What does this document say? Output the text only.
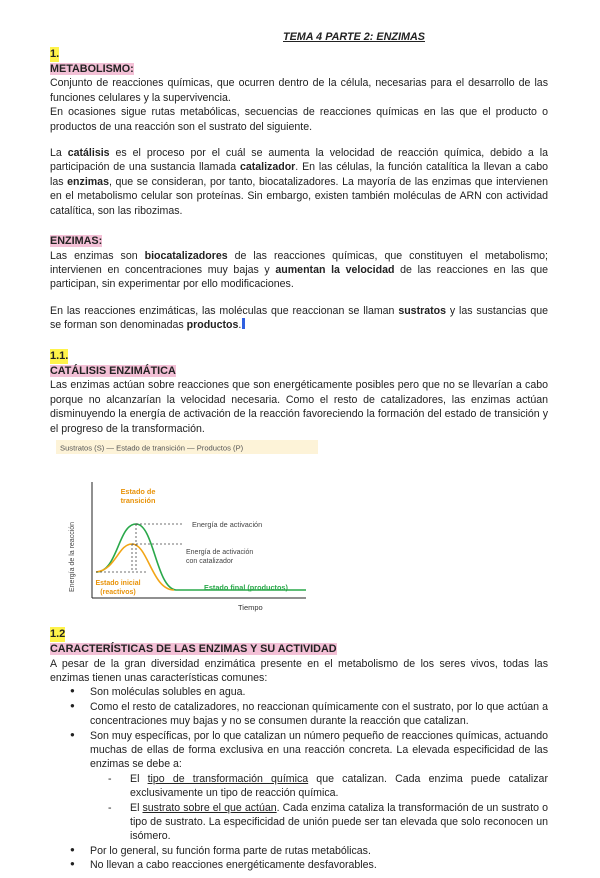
TEMA 4 PARTE 2: ENZIMAS
1.
METABOLISMO:

Conjunto de reacciones químicas, que ocurren dentro de la célula, necesarias para el desarrollo de las funciones celulares y la supervivencia.

En ocasiones sigue rutas metabólicas, secuencias de reacciones químicas en las que el producto o productos de una reacción son el sustrato del siguiente.

La catálisis es el proceso por el cuál se aumenta la velocidad de reacción química, debido a la participación de una sustancia llamada catalizador. En las células, la función catalítica la llevan a cabo las enzimas, que se consideran, por tanto, biocatalizadores. La mayoría de las enzimas que intervienen en el metabolismo celular son proteínas. Sin embargo, existen también moléculas de ARN con actividad catalítica, son las ribozimas.

ENZIMAS:

Las enzimas son biocatalizadores de las reacciones químicas, que constituyen el metabolismo; intervienen en concentraciones muy bajas y aumentan la velocidad de las reacciones en las que participan, sin experimentar por ello modificaciones.

En las reacciones enzimáticas, las moléculas que reaccionan se llaman sustratos y las sustancias que se forman son denominadas productos.

1.1.
CATÁLISIS ENZIMÁTICA

Las enzimas actúan sobre reacciones que son energéticamente posibles pero que no se llevarían a cabo porque no alcanzarían la velocidad necesaria. Como el resto de catalizadores, las enzimas actúan disminuyendo la energía de activación de la reacción favoreciendo la formación del estado de transición y el progreso de la transformación.

Sustratos (S) — Estado de transición — Productos (P)
Energía de la reacción
Tiempo
Estado de
transición
Energía de activación
Energía de activación
con catalizador
Estado inicial
(reactivos)
Estado final (productos)
1.2
CARACTERÍSTICAS DE LAS ENZIMAS Y SU ACTIVIDAD

A pesar de la gran diversidad enzimática presente en el metabolismo de los seres vivos, todas las enzimas tienen unas características comunes:

● Son moléculas solubles en agua.
● Como el resto de catalizadores, no reaccionan químicamente con el sustrato, por lo que actúan a concentraciones muy bajas y no se consumen durante la reacción que catalizan.
● Son muy específicas, por lo que catalizan un número pequeño de reacciones químicas, actuando muchas de ellas de forma exclusiva en una reacción concreta. La elevada especificidad de las enzimas se debe a:
- El tipo de transformación química que catalizan. Cada enzima puede catalizar exclusivamente un tipo de reacción química.
- El sustrato sobre el que actúan. Cada enzima cataliza la transformación de un sustrato o tipo de sustrato. La especificidad de unión puede ser tan elevada que solo reconocen un isómero.
● Por lo general, su función forma parte de rutas metabólicas.
● No llevan a cabo reacciones energéticamente desfavorables.
